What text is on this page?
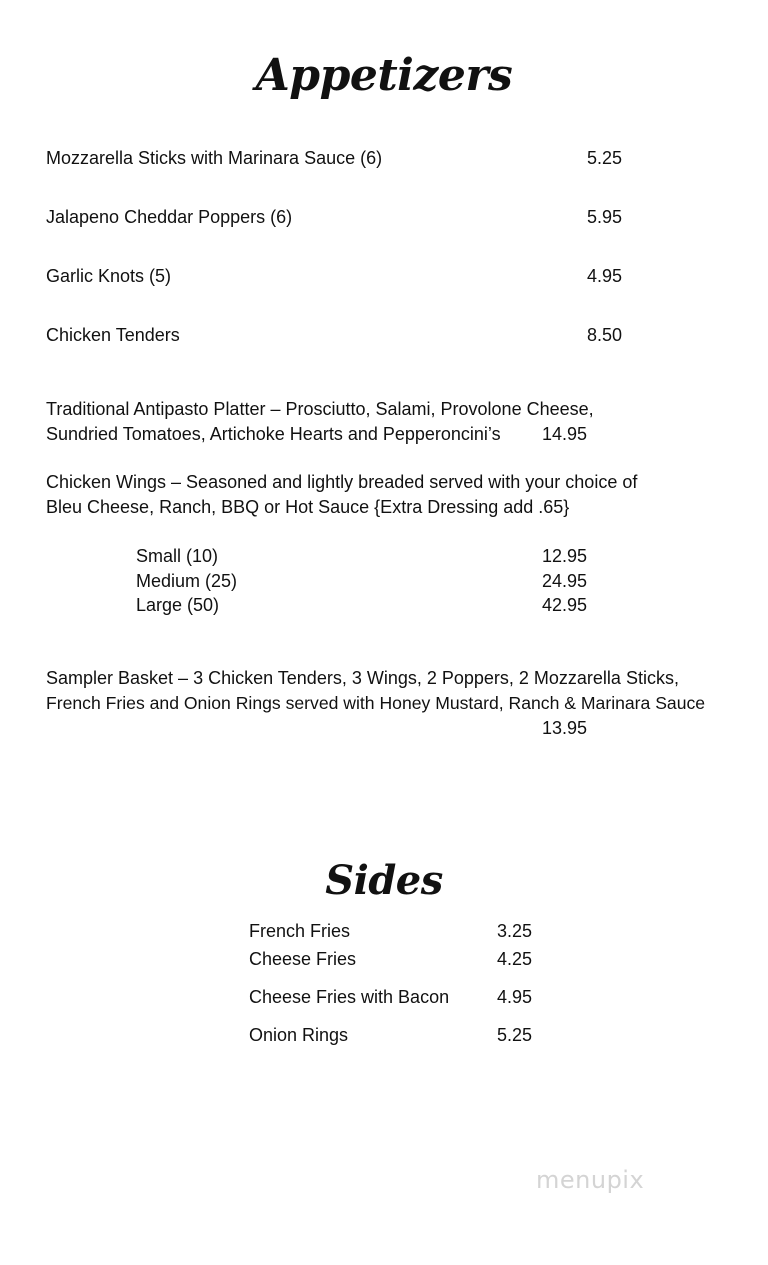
Appetizers
Mozzarella Sticks with Marinara Sauce (6)	5.25
Jalapeno Cheddar Poppers (6)	5.95
Garlic Knots (5)	4.95
Chicken Tenders	8.50
Traditional Antipasto Platter – Prosciutto, Salami, Provolone Cheese,
Sundried Tomatoes, Artichoke Hearts and Pepperoncini’s 14.95
Chicken Wings – Seasoned and lightly breaded served with your choice of
Bleu Cheese, Ranch, BBQ or Hot Sauce {Extra Dressing add .65}
Small (10)	12.95
Medium (25)	24.95
Large (50)	42.95
Sampler Basket – 3 Chicken Tenders, 3 Wings, 2 Poppers, 2 Mozzarella Sticks,
French Fries and Onion Rings served with Honey Mustard, Ranch & Marinara Sauce
13.95
Sides
French Fries	3.25
Cheese Fries	4.25
Cheese Fries with Bacon	4.95
Onion Rings	5.25
menupix
